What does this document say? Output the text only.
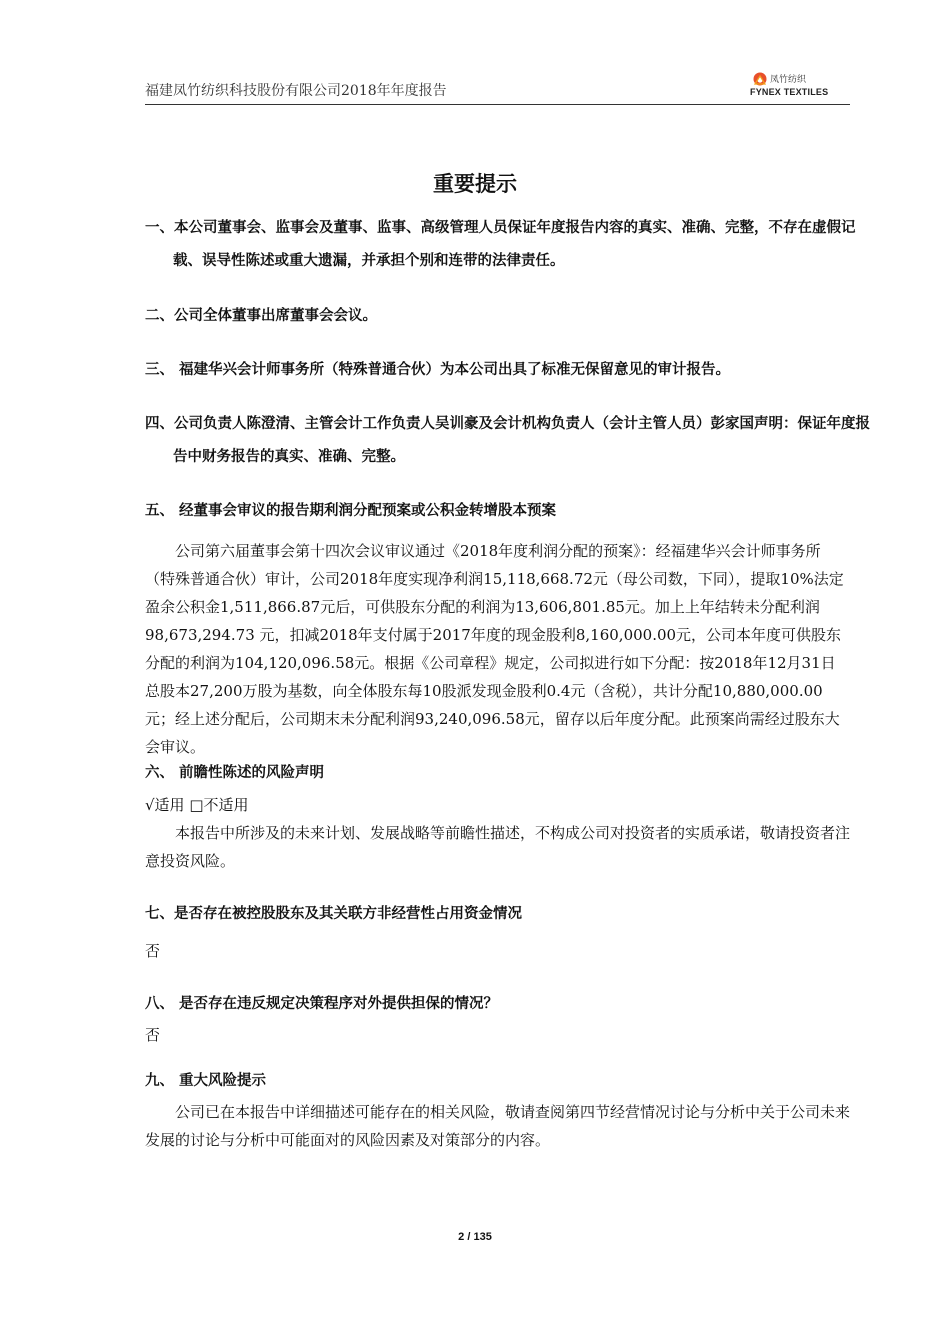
福建凤竹纺织科技股份有限公司2018年年度报告
凤竹纺织
FYNEX TEXTILES
重要提示

一、本公司董事会、监事会及董事、监事、高级管理人员保证年度报告内容的真实、准确、完整，不存在虚假记载、误导性陈述或重大遗漏，并承担个别和连带的法律责任。

二、公司全体董事出席董事会会议。

三、 福建华兴会计师事务所（特殊普通合伙）为本公司出具了标准无保留意见的审计报告。

四、公司负责人陈澄清、主管会计工作负责人吴训豪及会计机构负责人（会计主管人员）彭家国声明：保证年度报告中财务报告的真实、准确、完整。

五、 经董事会审议的报告期利润分配预案或公积金转增股本预案

公司第六届董事会第十四次会议审议通过《2018年度利润分配的预案》：经福建华兴会计师事务所（特殊普通合伙）审计，公司2018年度实现净利润15,118,668.72元（母公司数，下同），提取10%法定盈余公积金1,511,866.87元后，可供股东分配的利润为13,606,801.85元。加上上年结转未分配利润98,673,294.73 元，扣减2018年支付属于2017年度的现金股利8,160,000.00元，公司本年度可供股东分配的利润为104,120,096.58元。根据《公司章程》规定，公司拟进行如下分配：按2018年12月31日总股本27,200万股为基数，向全体股东每10股派发现金股利0.4元（含税），共计分配10,880,000.00元；经上述分配后，公司期末未分配利润93,240,096.58元，留存以后年度分配。此预案尚需经过股东大会审议。

六、 前瞻性陈述的风险声明

√适用 □不适用

本报告中所涉及的未来计划、发展战略等前瞻性描述，不构成公司对投资者的实质承诺，敬请投资者注意投资风险。

七、是否存在被控股股东及其关联方非经营性占用资金情况

否

八、 是否存在违反规定决策程序对外提供担保的情况？

否

九、 重大风险提示

公司已在本报告中详细描述可能存在的相关风险，敬请查阅第四节经营情况讨论与分析中关于公司未来发展的讨论与分析中可能面对的风险因素及对策部分的内容。

2 / 135
